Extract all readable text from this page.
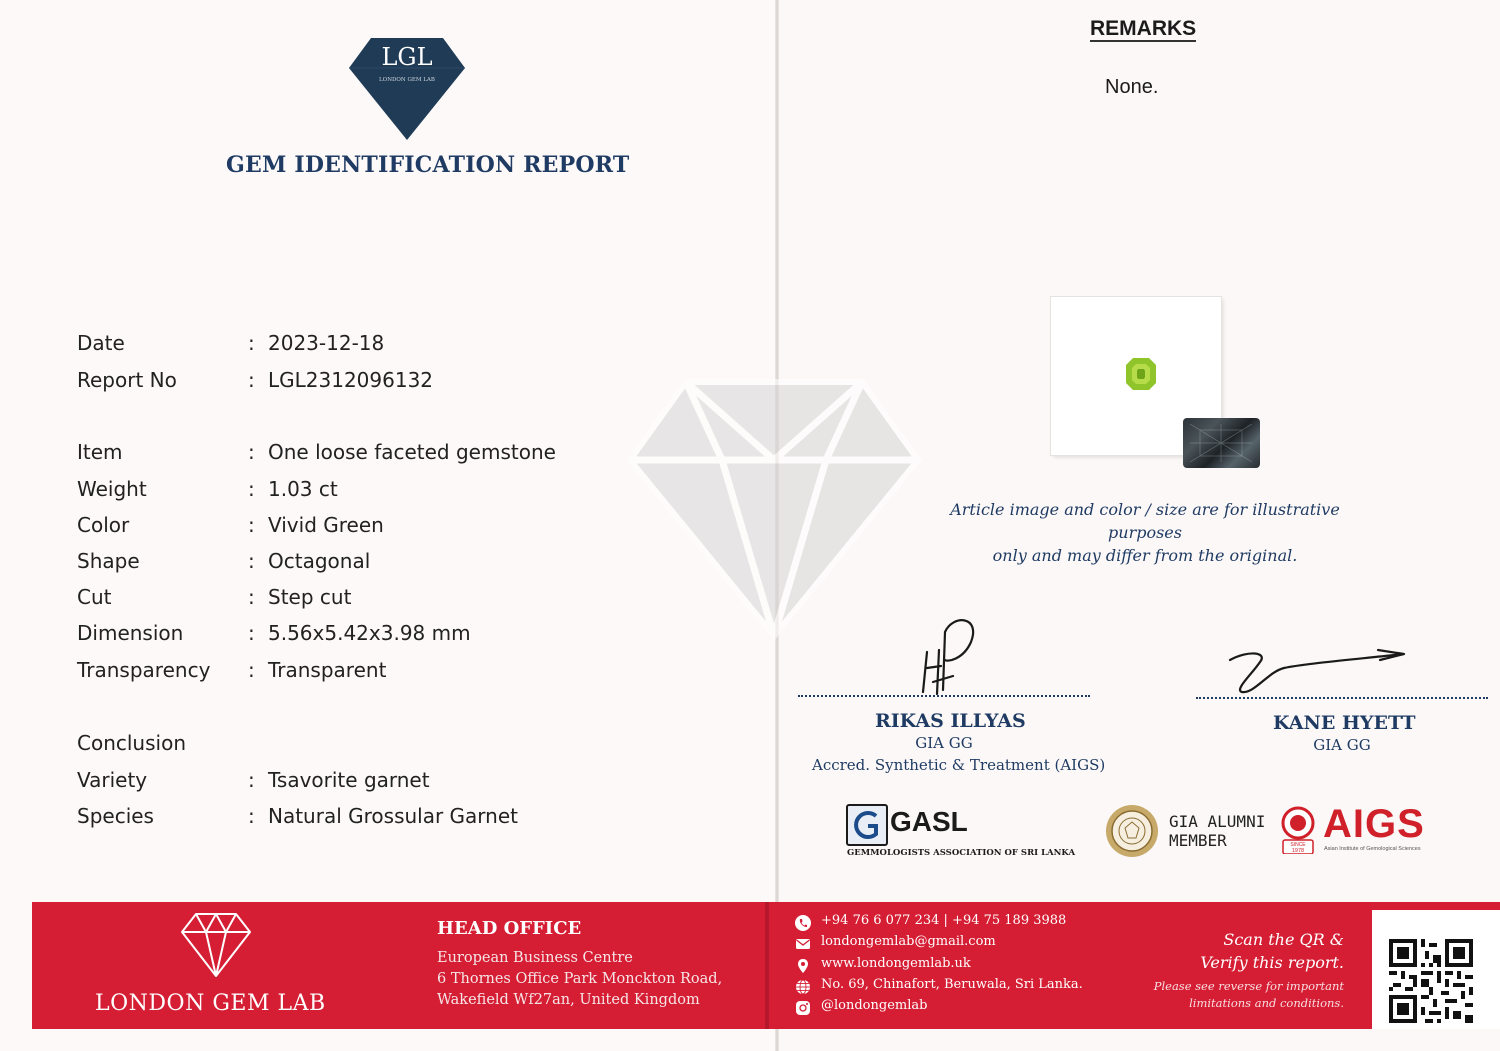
LGL
LONDON GEM LAB
GEM IDENTIFICATION REPORT
Date	: 2023-12-18
Report No	: LGL2312096132
Item	: One loose faceted gemstone
Weight	: 1.03 ct
Color	: Vivid Green
Shape	: Octagonal
Cut	: Step cut
Dimension	: 5.56x5.42x3.98 mm
Transparency : Transparent
Conclusion
Variety	: Tsavorite garnet
Species	: Natural Grossular Garnet
REMARKS
None.
Article image and color / size are for illustrative purposes
only and may differ from the original.
RIKAS ILLYAS
GIA GG
Accred. Synthetic & Treatment (AIGS)
KANE HYETT
GIA GG
GASL
GEMMOLOGISTS ASSOCIATION OF SRI LANKA
GIA ALUMNI
MEMBER	SINCE
1978
AIGS
Asian Institute of Gemological Sciences
LONDON GEM LAB
HEAD OFFICE
European Business Centre
6 Thornes Office Park Monckton Road,
Wakefield Wf27an, United Kingdom
+94 76 6 077 234 | +94 75 189 3988
londongemlab@gmail.com
www.londongemlab.uk
No. 69, Chinafort, Beruwala, Sri Lanka.
@londongemlab
Scan the QR &
Verify this report.
Please see reverse for important
limitations and conditions.
